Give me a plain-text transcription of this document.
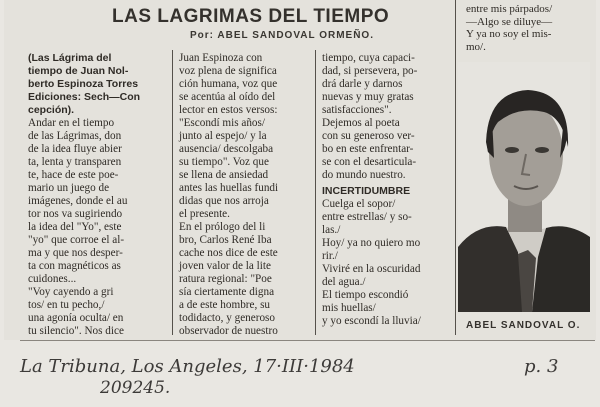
LAS LAGRIMAS DEL TIEMPO
Por: ABEL SANDOVAL ORMEÑO.

(Las Lágrima del

tiempo de Juan Nol-

berto Espinoza Torres

Ediciones: Sech—Con

cepción).

Andar en el tiempo

de las Lágrimas, don

de la idea fluye abier

ta, lenta y transparen

te, hace de este poe-

mario un juego de

imágenes, donde el au

tor nos va sugiriendo

la idea del "Yo", este

"yo" que corroe el al-

ma y que nos desper-

ta con magnéticos as

cuidones...

"Voy cayendo a gri

tos/ en tu pecho,/

una agonía oculta/ en

tu silencio". Nos dice

Juan Espinoza con

voz plena de significa

ción humana, voz que

se acentúa al oído del

lector en estos versos:

"Escondí mis años/

junto al espejo/ y la

ausencia/ descolgaba

su tiempo". Voz que

se llena de ansiedad

antes las huellas fundi

didas que nos arroja

el presente.

En el prólogo del li

bro, Carlos René Iba

cache nos dice de este

joven valor de la lite

ratura regional: "Poe

sía ciertamente digna

a de este hombre, su

todidacto, y generoso

observador de nuestro

tiempo, cuya capaci-

dad, si persevera, po-

drá darle y darnos

nuevas y muy gratas

satisfacciones".

Dejemos al poeta

con su generoso ver-

bo en este enfrentar-

se con el desarticula-

do mundo nuestro.

INCERTIDUMBRE

Cuelga el sopor/

entre estrellas/ y so-

las./

Hoy/ ya no quiero mo

rir./

Viviré en la oscuridad

del agua./

El tiempo escondió

mis huellas/

y yo escondí la lluvia/

entre mis párpados/

—Algo se diluye—

Y ya no soy el mis-

mo/.

ABEL SANDOVAL O.
La Tribuna, Los Angeles, 17·III·1984	p. 3
209245.
